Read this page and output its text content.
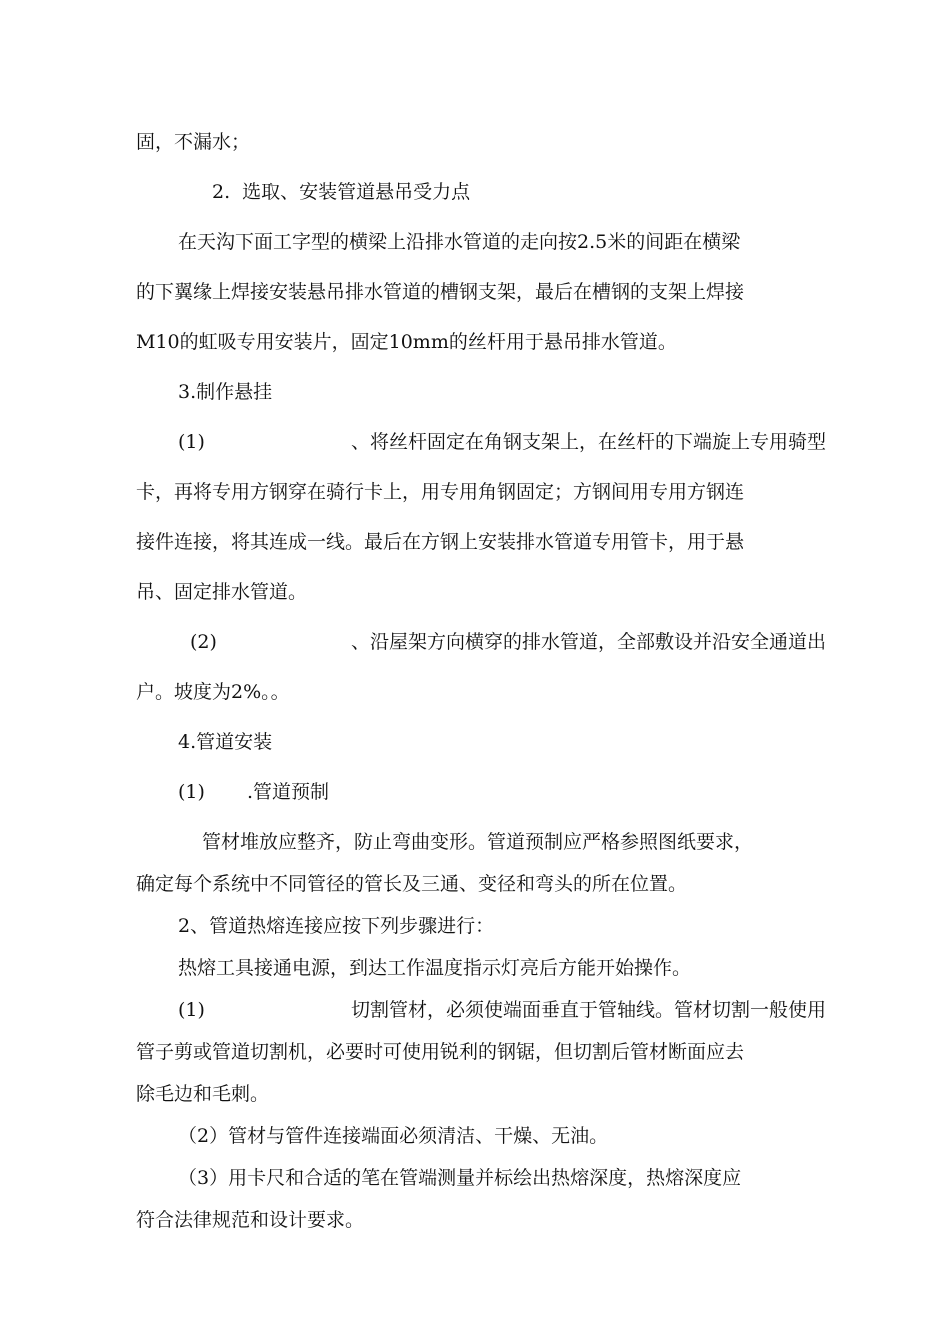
固，不漏水；
2. 选取、安装管道悬吊受力点
在天沟下面工字型的横梁上沿排水管道的走向按2.5米的间距在横梁
的下翼缘上焊接安装悬吊排水管道的槽钢支架，最后在槽钢的支架上焊接
M10的虹吸专用安装片，固定10mm的丝杆用于悬吊排水管道。
3.制作悬挂
(1)	、将丝杆固定在角钢支架上，在丝杆的下端旋上专用骑型
卡，再将专用方钢穿在骑行卡上，用专用角钢固定；方钢间用专用方钢连
接件连接，将其连成一线。最后在方钢上安装排水管道专用管卡，用于悬
吊、固定排水管道。
(2)	、沿屋架方向横穿的排水管道，全部敷设并沿安全通道出
户。坡度为2%。。
4.管道安装
(1) .管道预制
管材堆放应整齐，防止弯曲变形。管道预制应严格参照图纸要求，
确定每个系统中不同管径的管长及三通、变径和弯头的所在位置。
2、管道热熔连接应按下列步骤进行：
热熔工具接通电源，到达工作温度指示灯亮后方能开始操作。
(1)	切割管材，必须使端面垂直于管轴线。管材切割一般使用
管子剪或管道切割机，必要时可使用锐利的钢锯，但切割后管材断面应去
除毛边和毛刺。
（2）管材与管件连接端面必须清洁、干燥、无油。
（3）用卡尺和合适的笔在管端测量并标绘出热熔深度，热熔深度应
符合法律规范和设计要求。
